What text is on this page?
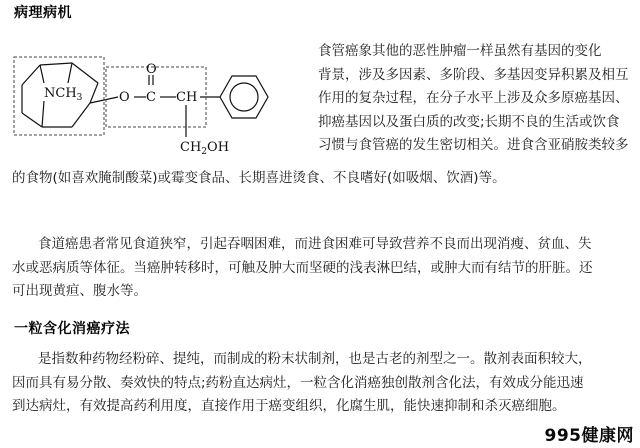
病理病机
$NCH_3$	O C
O
CH
$CH_2OH$
食管癌象其他的恶性肿瘤一样虽然有基因的变化
背景，涉及多因素、多阶段、多基因变异积累及相互
作用的复杂过程，在分子水平上涉及众多原癌基因、
抑癌基因以及蛋白质的改变;长期不良的生活或饮食
习惯与食管癌的发生密切相关。进食含亚硝胺类较多
的食物(如喜欢腌制酸菜)或霉变食品、长期喜进烫食、不良嗜好(如吸烟、饮酒)等。
食道癌患者常见食道狭窄，引起吞咽困难，而进食困难可导致营养不良而出现消瘦、贫血、失
水或恶病质等体征。当癌肿转移时，可触及肿大而坚硬的浅表淋巴结，或肿大而有结节的肝脏。还
可出现黄疸、腹水等。
一粒含化消癌疗法
是指数种药物经粉碎、提纯，而制成的粉末状制剂，也是古老的剂型之一。散剂表面积较大，
因而具有易分散、奏效快的特点;药粉直达病灶，一粒含化消癌独创散剂含化法，有效成分能迅速
到达病灶，有效提高药利用度，直接作用于癌变组织，化腐生肌，能快速抑制和杀灭癌细胞。
995健康网
